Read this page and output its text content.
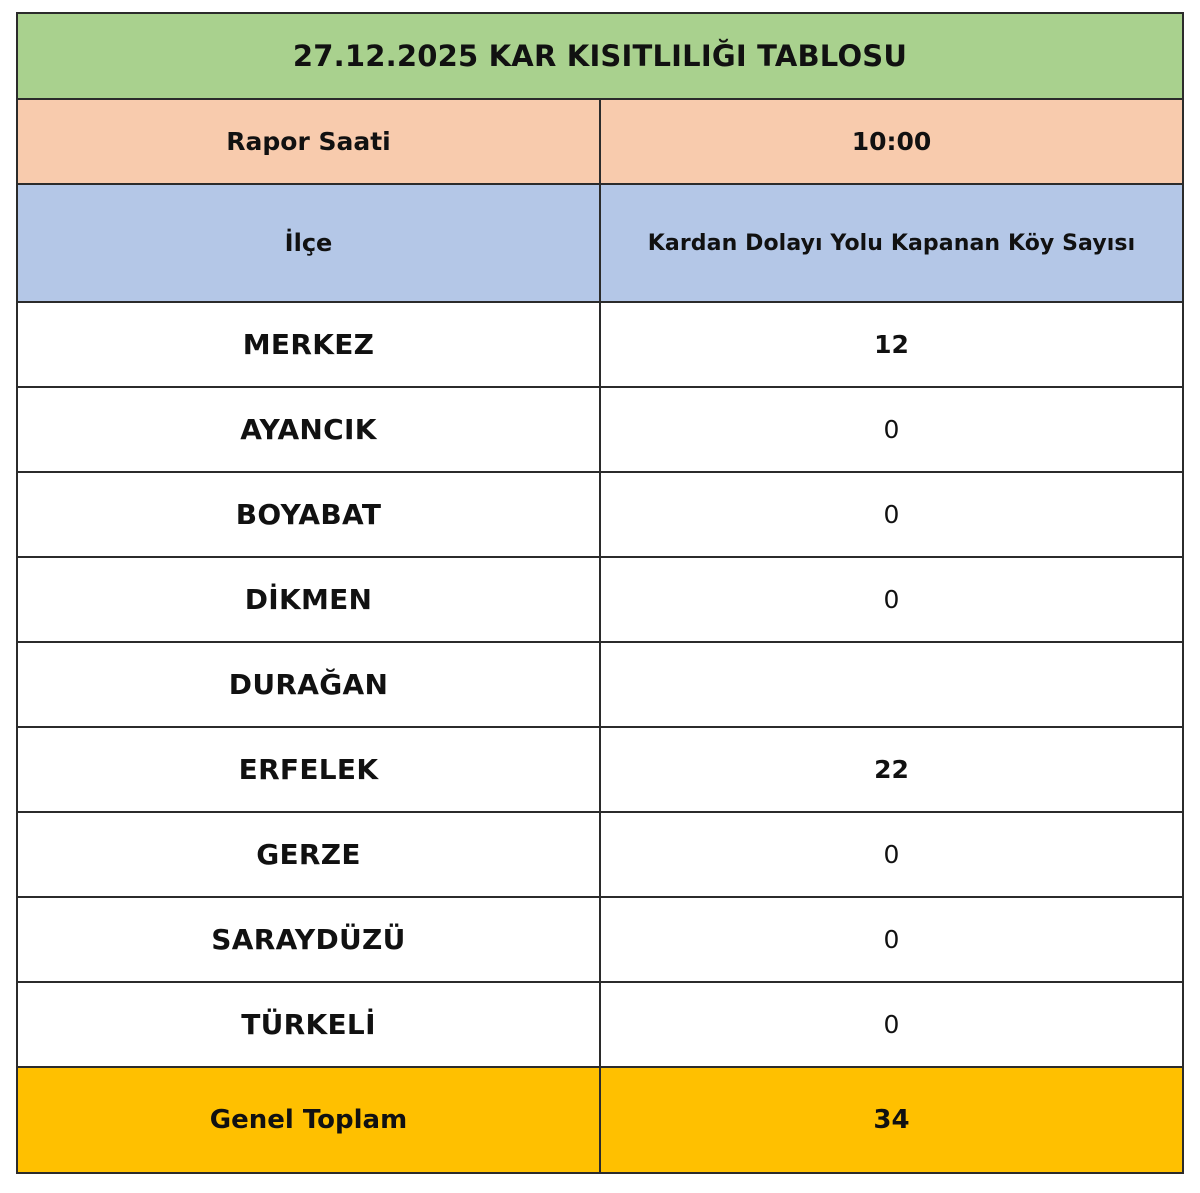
27.12.2025 KAR KISITLILIĞI TABLOSU	
Rapor Saati	10:00
İlçe	Kardan Dolayı Yolu Kapanan Köy Sayısı
MERKEZ	12
AYANCIK	0
BOYABAT	0
DİKMEN	0
DURAĞAN	
ERFELEK	22
GERZE	0
SARAYDÜZÜ	0
TÜRKELİ	0
Genel Toplam	34
